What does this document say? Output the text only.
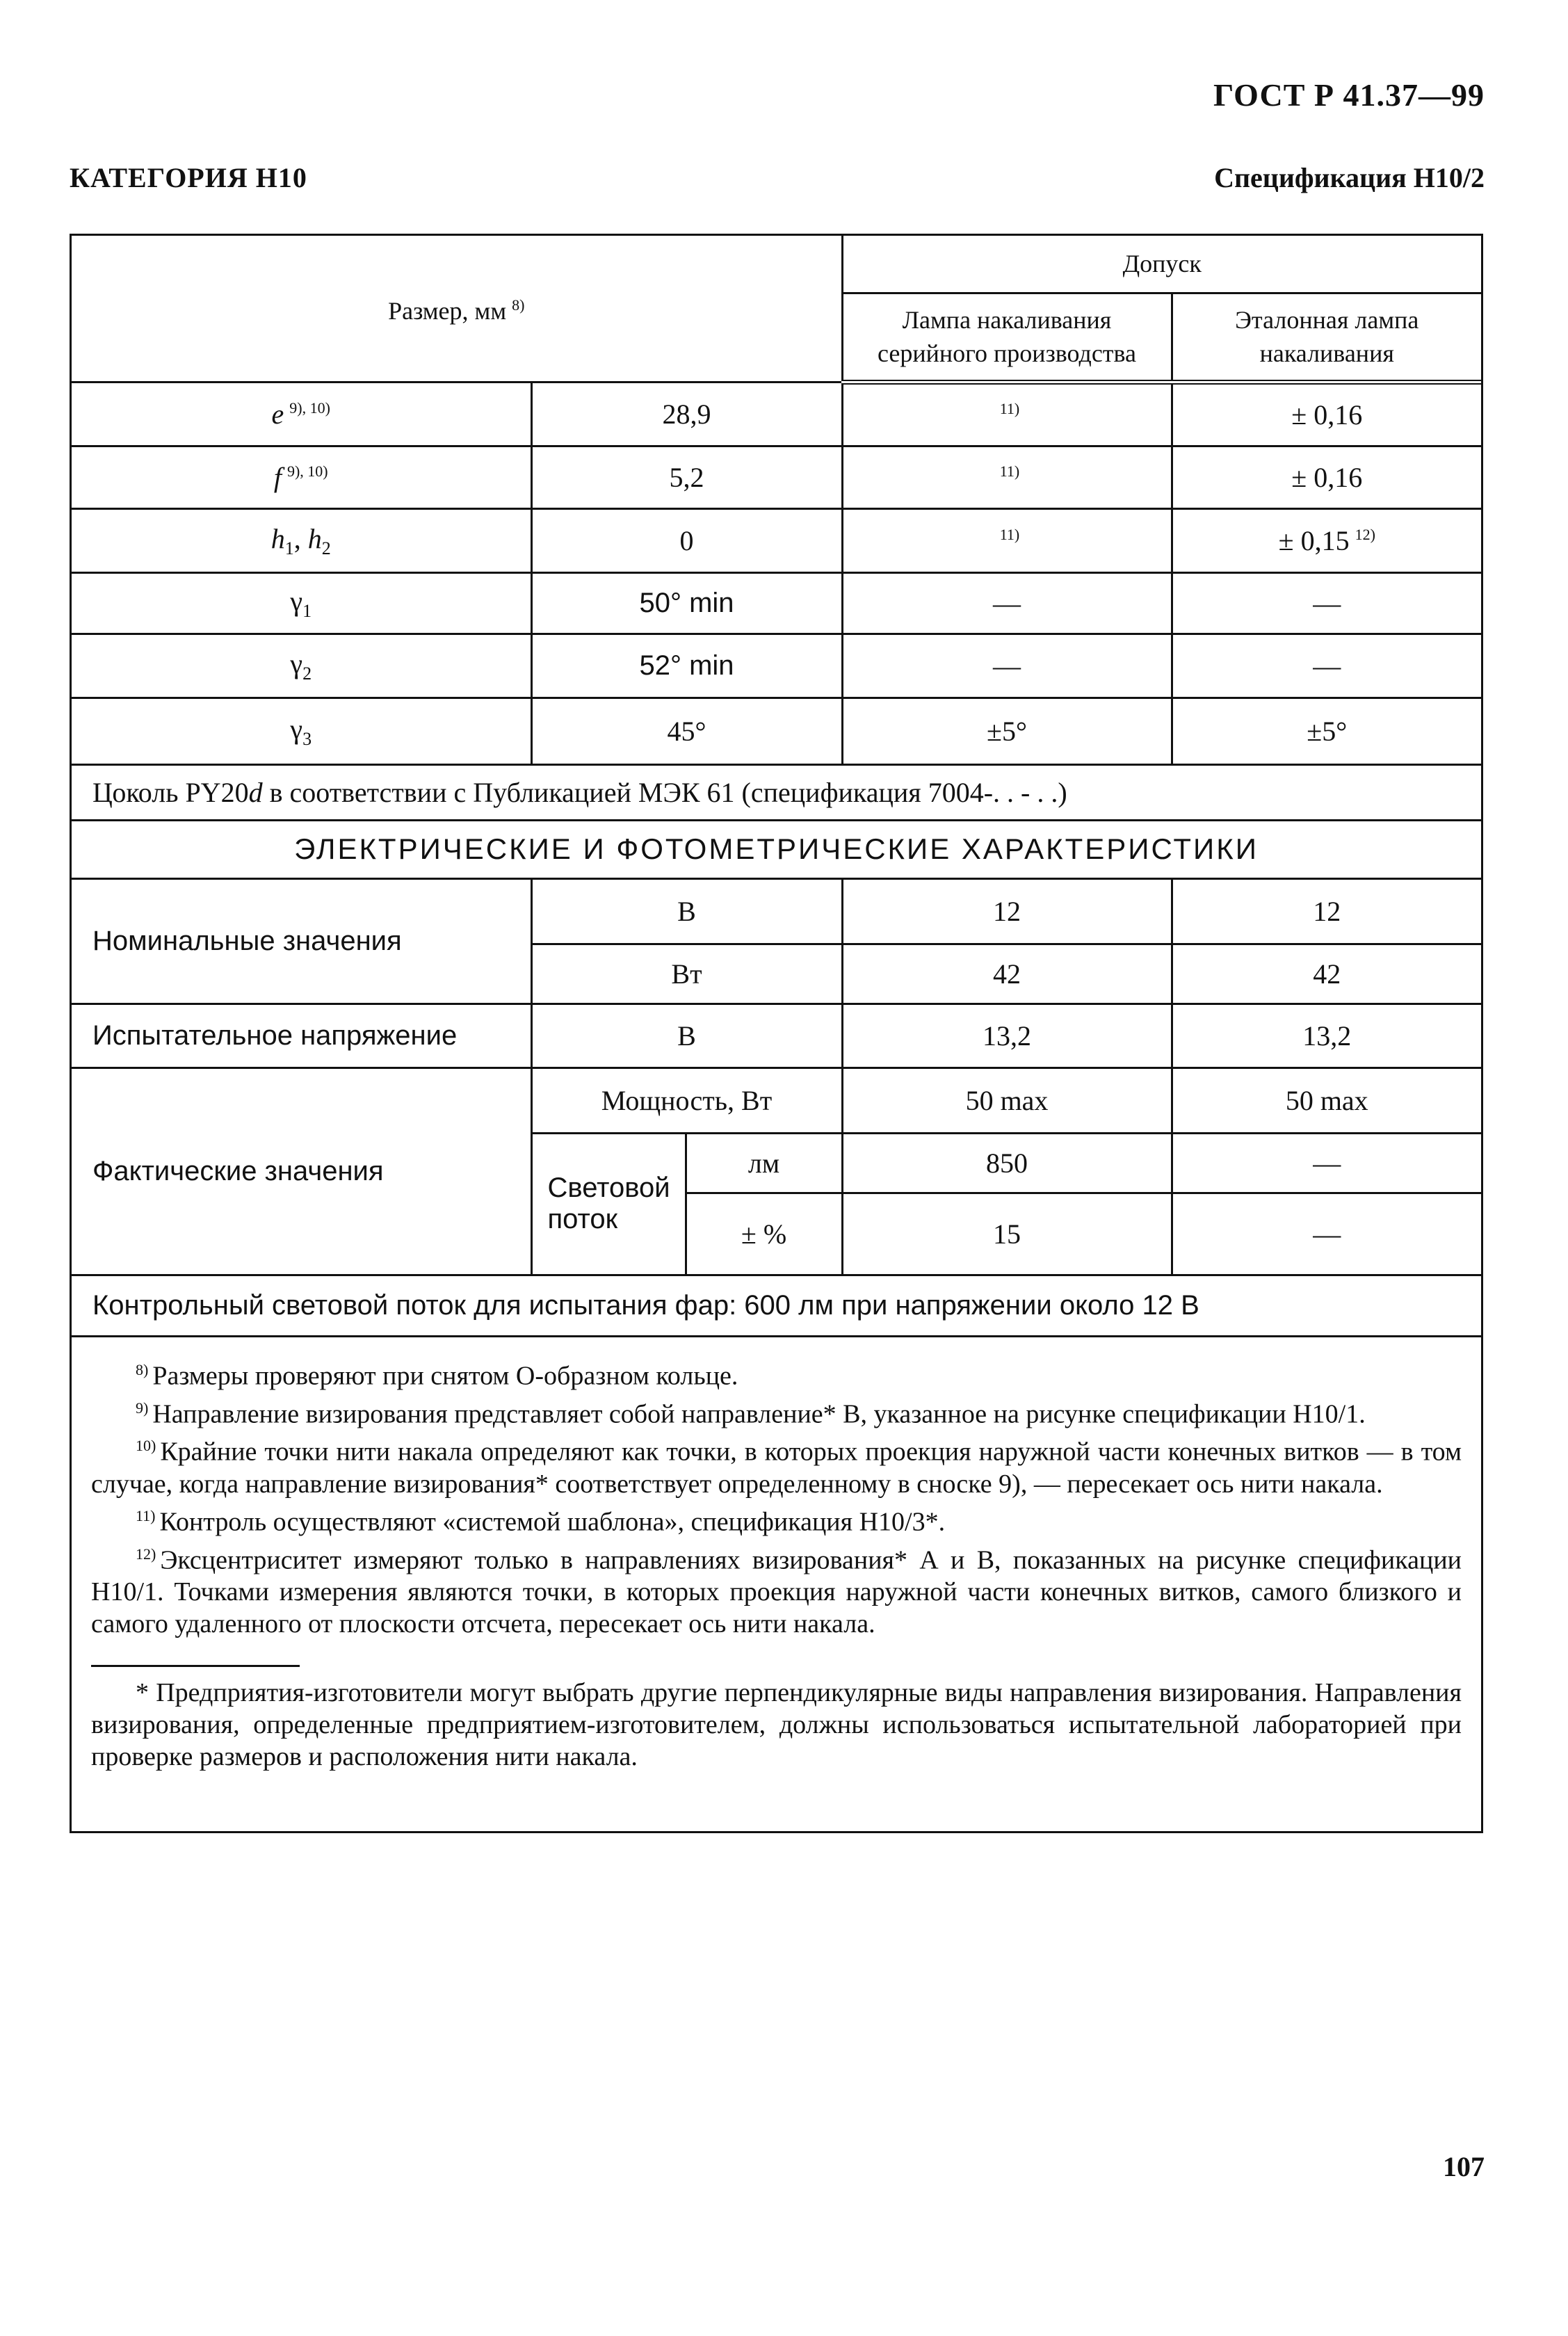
ГОСТ Р 41.37—99
КАТЕГОРИЯ Н10	Спецификация Н10/2
Размер, мм $^{8)}$			Допуск	
			Лампа накаливания серийного производства	Эталонная лампа накаливания
e $^{9), 10)}$	28,9		$^{11)}$	± 0,16
f $^{9), 10)}$	5,2		$^{11)}$	± 0,16
$h_1$, $h_2$	0		$^{11)}$	± 0,15 $^{12)}$
$\gamma_1$	50° min		—	—
$\gamma_2$	52° min		—	—
$\gamma_3$	45°		±5°	±5°
Цоколь PY20d в соответствии с Публикацией МЭК 61 (спецификация 7004-. . - . .)				
ЭЛЕКТРИЧЕСКИЕ И ФОТОМЕТРИЧЕСКИЕ ХАРАКТЕРИСТИКИ				
Номинальные значения	В		12	12
	Вт		42	42
Испытательное напряжение	В		13,2	13,2
Фактические значения	Мощность, Вт		50 max	50 max
	Световой поток	лм	850	—
		± %	15	—
Контрольный световой поток для испытания фар: 600 лм при напряжении около 12 В				

$^{8)}$ Размеры проверяют при снятом О-образном кольце.

$^{9)}$ Направление визирования представляет собой направление* В, указанное на рисунке спецификации Н10/1.

$^{10)}$ Крайние точки нити накала определяют как точки, в которых проекция наружной части конечных витков — в том случае, когда направление визирования* соответствует определенному в сноске 9), — пересекает ось нити накала.

$^{11)}$ Контроль осуществляют «системой шаблона», спецификация Н10/3*.

$^{12)}$ Эксцентриситет измеряют только в направлениях визирования* А и В, показанных на рисунке спецификации Н10/1. Точками измерения являются точки, в которых проекция наружной части конечных витков, самого близкого и самого удаленного от плоскости отсчета, пересекает ось нити накала.

* Предприятия-изготовители могут выбрать другие перпендикулярные виды направления визирования. Направления визирования, определенные предприятием-изготовителем, должны использоваться испытательной лабораторией при проверке размеров и расположения нити накала.

107
